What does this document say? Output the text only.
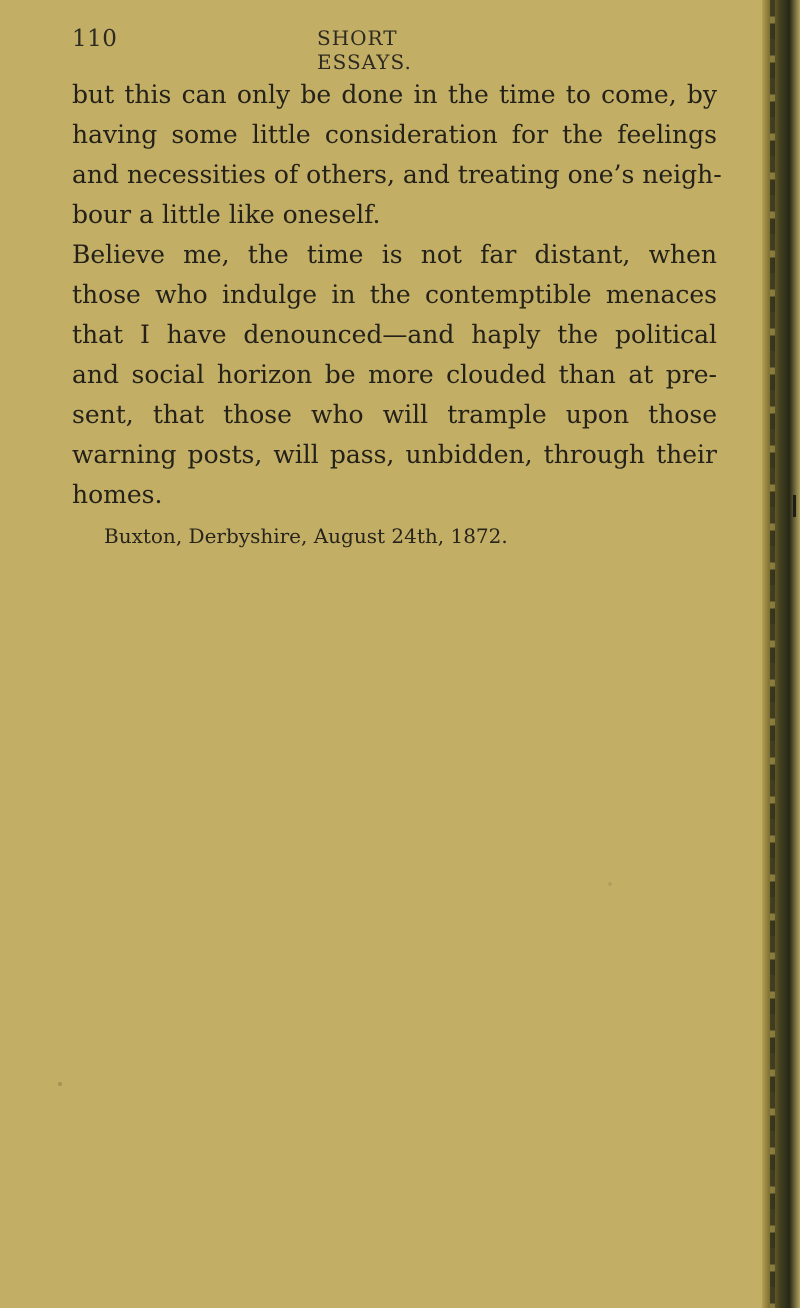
110	SHORT ESSAYS.
but this can only be done in the time to come, by
having some little consideration for the feelings
and necessities of others, and treating one’s neigh-
bour a little like oneself.
Believe me, the time is not far distant, when
those who indulge in the contemptible menaces
that I have denounced—and haply the political
and social horizon be more clouded than at pre-
sent, that those who will trample upon those
warning posts, will pass, unbidden, through their
homes.
Buxton, Derbyshire, August 24th, 1872.
